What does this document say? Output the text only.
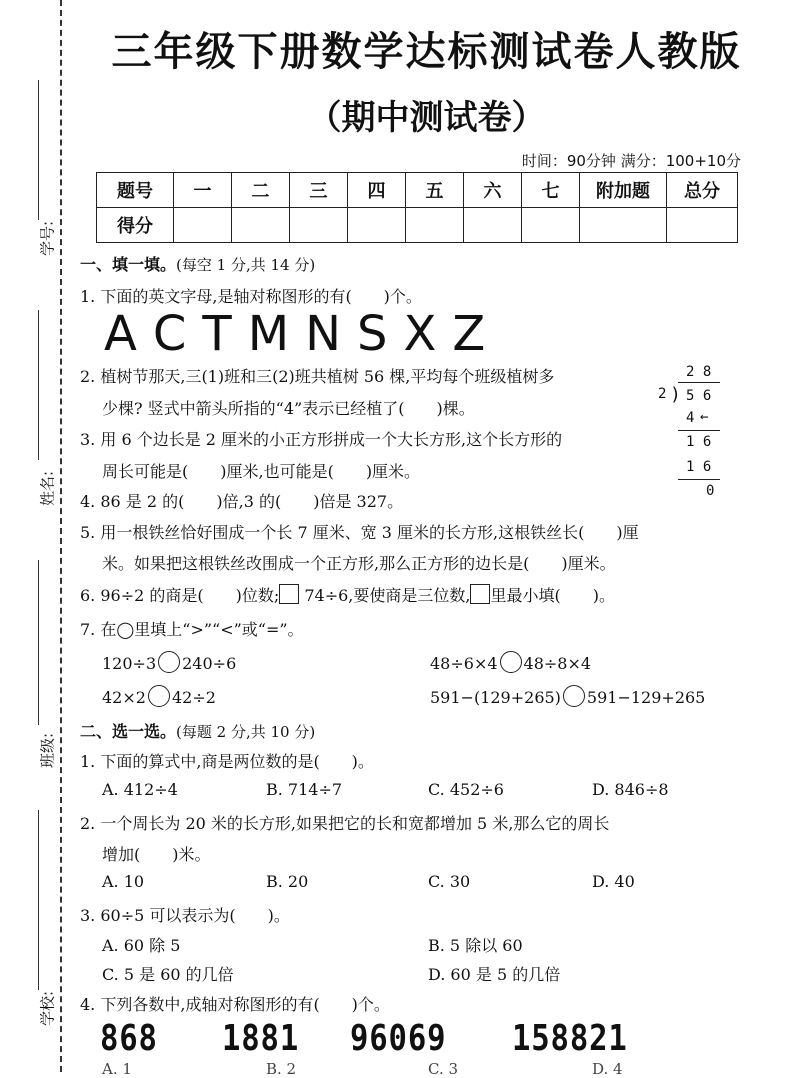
学号:
姓名:
班级:
学校:
三年级下册数学达标测试卷人教版
（期中测试卷）
时间：90分钟 满分：100+10分
题号	一	二	三	四	五	六	七	附加题	总分
得分									
一、填一填。(每空 1 分,共 14 分)
1. 下面的英文字母,是轴对称图形的有(　　)个。
A C T M N S X Z
2. 植树节那天,三(1)班和三(2)班共植树 56 棵,平均每个班级植树多
少棵? 竖式中箭头所指的“4”表示已经植了(　　)棵。
3. 用 6 个边长是 2 厘米的小正方形拼成一个大长方形,这个长方形的
周长可能是(　　)厘米,也可能是(　　)厘米。
4. 86 是 2 的(　　)倍,3 的(　　)倍是 327。
5. 用一根铁丝恰好围成一个长 7 厘米、宽 3 厘米的长方形,这根铁丝长(　　)厘
米。如果把这根铁丝改围成一个正方形,那么正方形的边长是(　　)厘米。
6. 96÷2 的商是(　　)位数; 74÷6,要使商是三位数, 里最小填(　　)。
7. 在◯里填上“>”“<”或“=”。
120÷3 240÷6	48÷6×4 48÷8×4
42×2 42÷2	591−(129+265) 591−129+265
2 8
2 ) 5 6
4 ←
1 6
1 6
0
二、选一选。(每题 2 分,共 10 分)
1. 下面的算式中,商是两位数的是(　　)。
A. 412÷4	B. 714÷7	C. 452÷6	D. 846÷8
2. 一个周长为 20 米的长方形,如果把它的长和宽都增加 5 米,那么它的周长
增加(　　)米。
A. 10	B. 20	C. 30	D. 40
3. 60÷5 可以表示为(　　)。
A. 60 除 5	B. 5 除以 60
C. 5 是 60 的几倍	D. 60 是 5 的几倍
4. 下列各数中,成轴对称图形的有(　　)个。
868 1881 96069 158821
A. 1	B. 2	C. 3	D. 4
